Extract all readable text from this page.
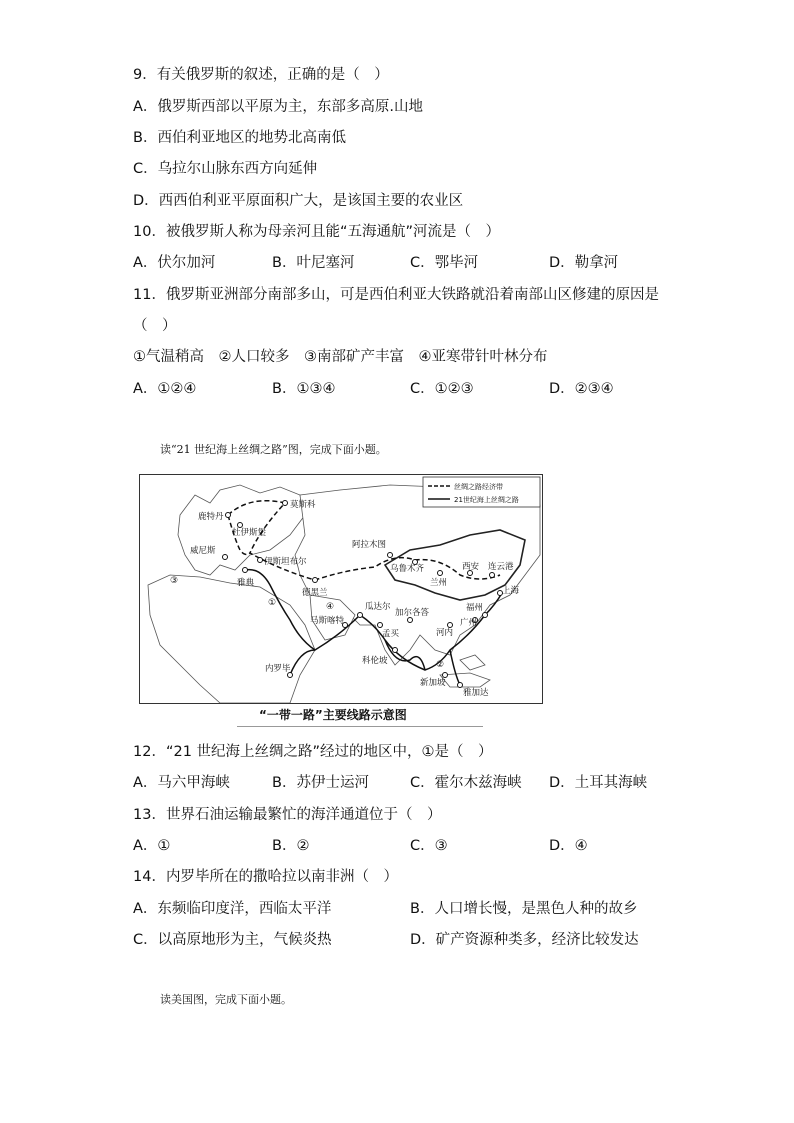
9．有关俄罗斯的叙述，正确的是（　）
A．俄罗斯西部以平原为主，东部多高原.山地
B．西伯利亚地区的地势北高南低
C．乌拉尔山脉东西方向延伸
D．西西伯利亚平原面积广大，是该国主要的农业区
10．被俄罗斯人称为母亲河且能“五海通航”河流是（　）
A．伏尔加河	B．叶尼塞河	C．鄂毕河	D．勒拿河
11．俄罗斯亚洲部分南部多山，可是西伯利亚大铁路就沿着南部山区修建的原因是
（　）
①气温稍高　②人口较多　③南部矿产丰富　④亚寒带针叶林分布
A．①②④	B．①③④	C．①②③	D．②③④
读“21 世纪海上丝绸之路”图，完成下面小题。
丝绸之路经济带
21世纪海上丝绸之路
鹿特丹
杜伊斯堡
莫斯科
威尼斯
伊斯坦布尔
雅典
阿拉木图
乌鲁木齐
兰州
西安 连云港
上海
德黑兰
瓜达尔
马斯喀特
加尔各答
孟买
福州
广州
河内
科伦坡
内罗毕
新加坡
雅加达
①
②
③
④
“一带一路”主要线路示意图
12．“21 世纪海上丝绸之路”经过的地区中，①是（　）
A．马六甲海峡	B．苏伊士运河	C．霍尔木兹海峡 D．土耳其海峡
13．世界石油运输最繁忙的海洋通道位于（　）
A．①	B．②	C．③	D．④
14．内罗毕所在的撒哈拉以南非洲（　）
A．东频临印度洋，西临太平洋	B．人口增长慢，是黑色人种的故乡
C．以高原地形为主，气候炎热	D．矿产资源种类多，经济比较发达
读美国图，完成下面小题。
